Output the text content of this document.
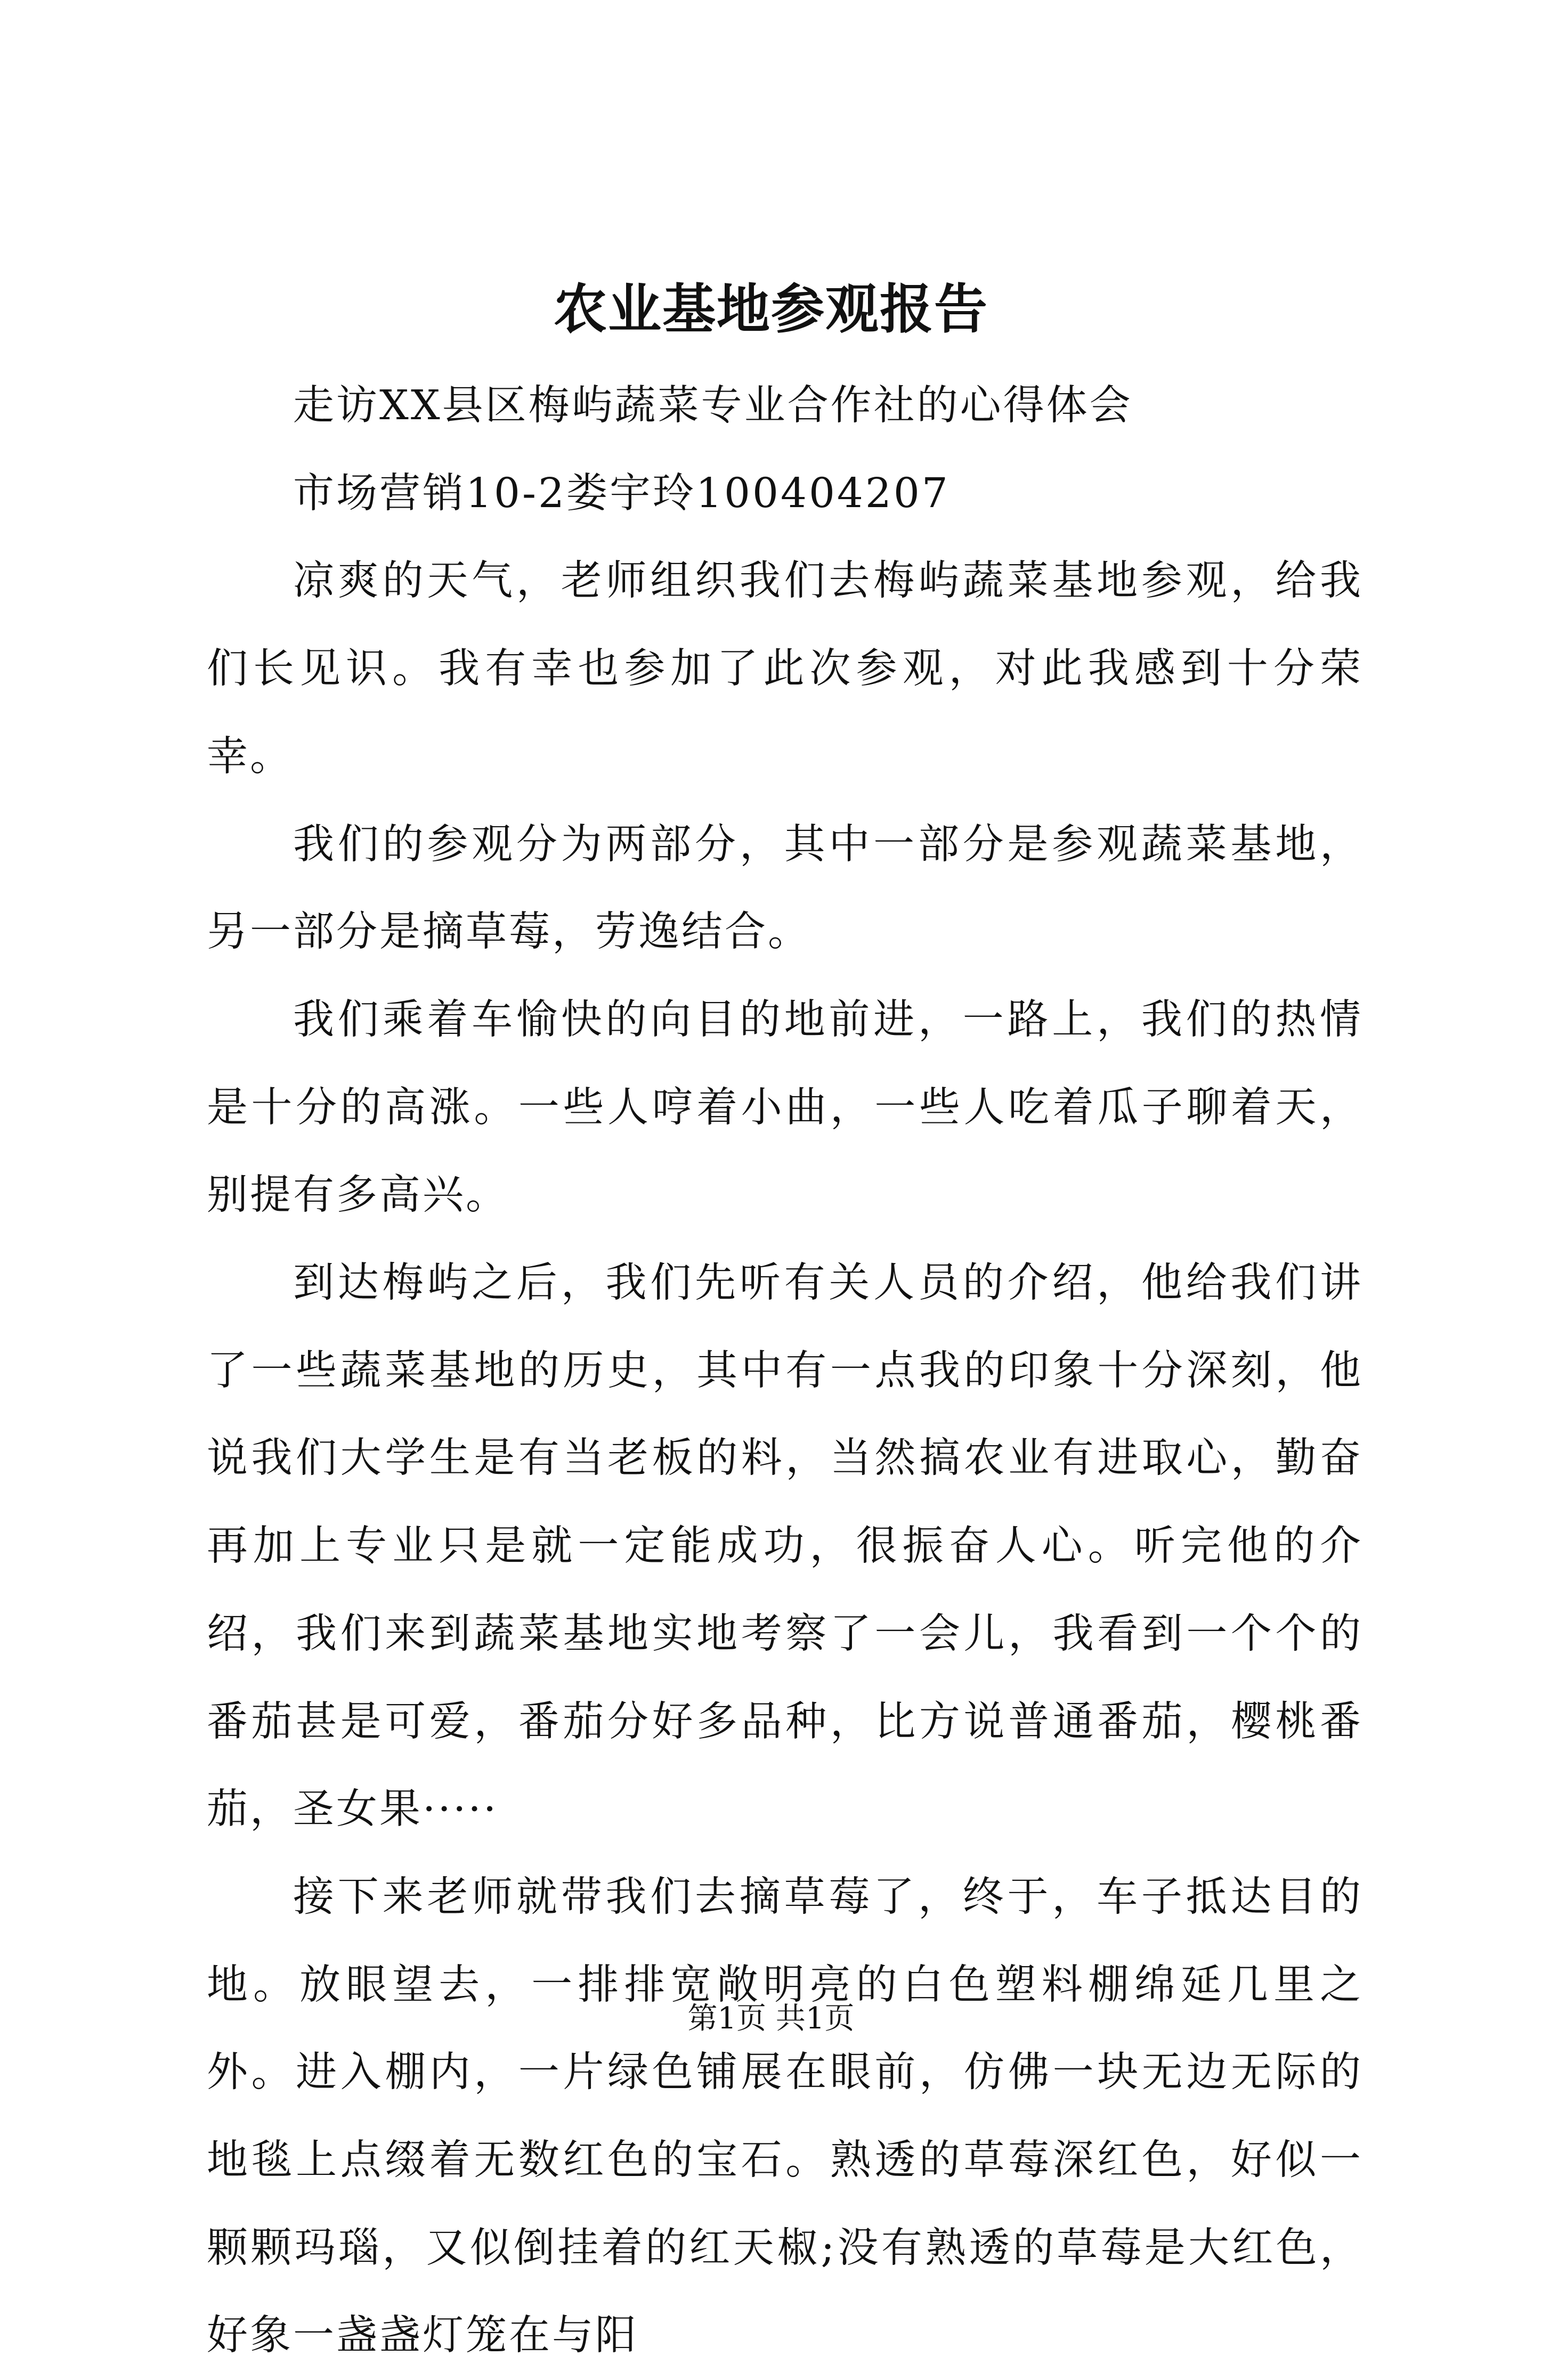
农业基地参观报告

走访XX县区梅屿蔬菜专业合作社的心得体会

市场营销10-2娄宇玲100404207

凉爽的天气，老师组织我们去梅屿蔬菜基地参观，给我们长见识。我有幸也参加了此次参观，对此我感到十分荣幸。

我们的参观分为两部分，其中一部分是参观蔬菜基地，另一部分是摘草莓，劳逸结合。

我们乘着车愉快的向目的地前进，一路上，我们的热情是十分的高涨。一些人哼着小曲，一些人吃着瓜子聊着天，别提有多高兴。

到达梅屿之后，我们先听有关人员的介绍，他给我们讲了一些蔬菜基地的历史，其中有一点我的印象十分深刻，他说我们大学生是有当老板的料，当然搞农业有进取心，勤奋再加上专业只是就一定能成功，很振奋人心。听完他的介绍，我们来到蔬菜基地实地考察了一会儿，我看到一个个的番茄甚是可爱，番茄分好多品种，比方说普通番茄，樱桃番茄，圣女果·····

接下来老师就带我们去摘草莓了，终于，车子抵达目的地。放眼望去，一排排宽敞明亮的白色塑料棚绵延几里之外。进入棚内，一片绿色铺展在眼前，仿佛一块无边无际的地毯上点缀着无数红色的宝石。熟透的草莓深红色，好似一颗颗玛瑙，又似倒挂着的红天椒;没有熟透的草莓是大红色，好象一盏盏灯笼在与阳

第1页 共1页
